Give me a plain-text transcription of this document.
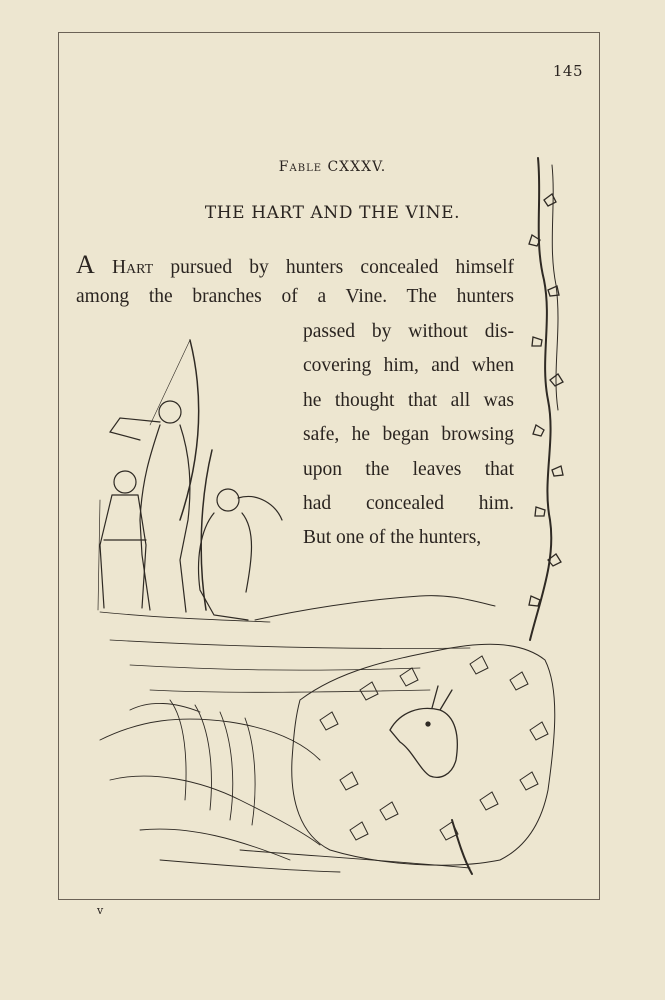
145
Fable CXXXV.
THE HART AND THE VINE.
A Hart pursued by hunters concealed himself
among the branches of a Vine. The hunters
passed by without dis-
covering him, and when
he thought that all was
safe, he began browsing
upon the leaves that
had concealed him.
But one of the hunters,
v
